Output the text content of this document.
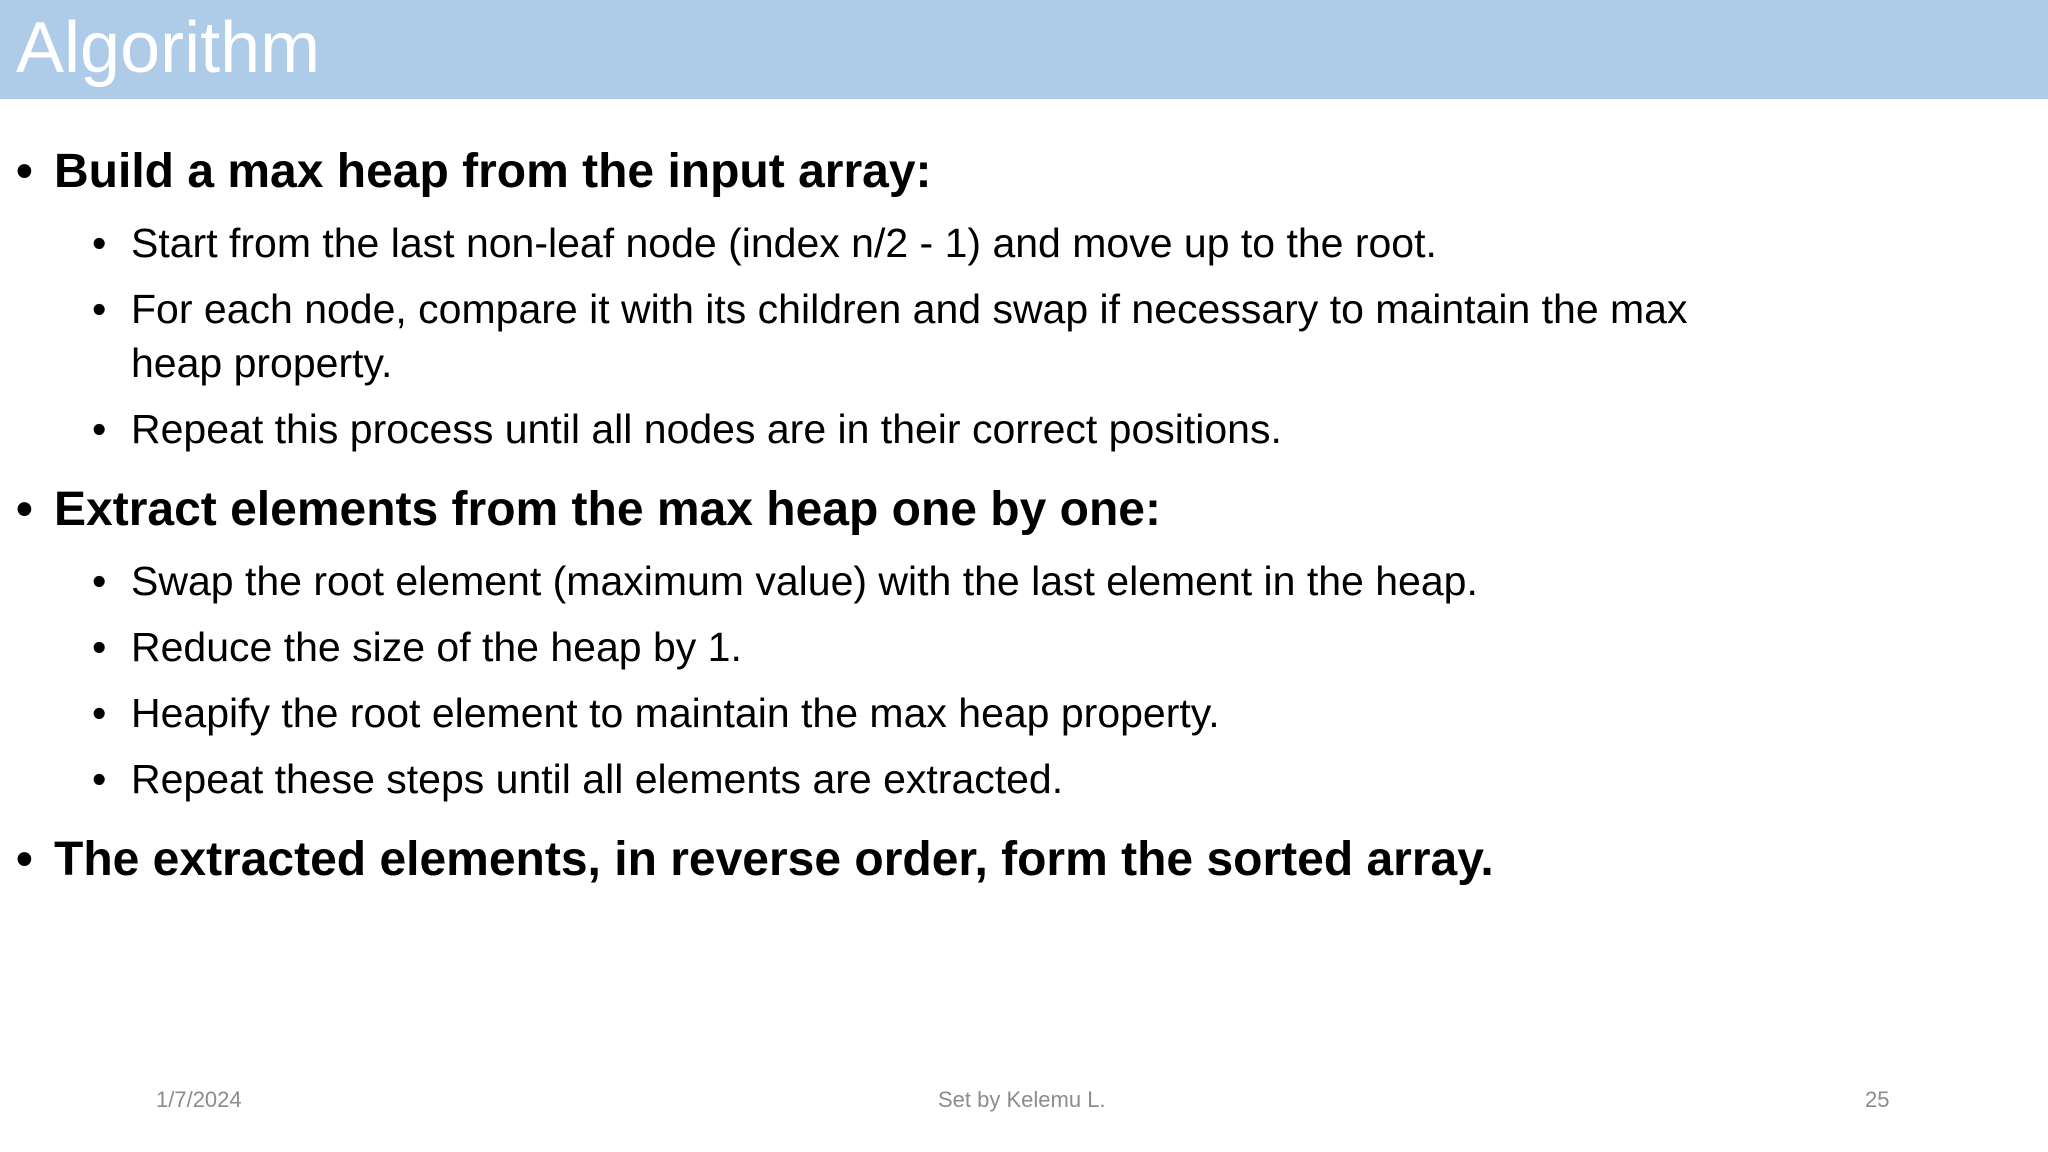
Algorithm
• Build a max heap from the input array:
• Start from the last non-leaf node (index n/2 - 1) and move up to the root.
• For each node, compare it with its children and swap if necessary to maintain the max
heap property.
• Repeat this process until all nodes are in their correct positions.
• Extract elements from the max heap one by one:
• Swap the root element (maximum value) with the last element in the heap.
• Reduce the size of the heap by 1.
• Heapify the root element to maintain the max heap property.
• Repeat these steps until all elements are extracted.
• The extracted elements, in reverse order, form the sorted array.
1/7/2024	Set by Kelemu L.	25
